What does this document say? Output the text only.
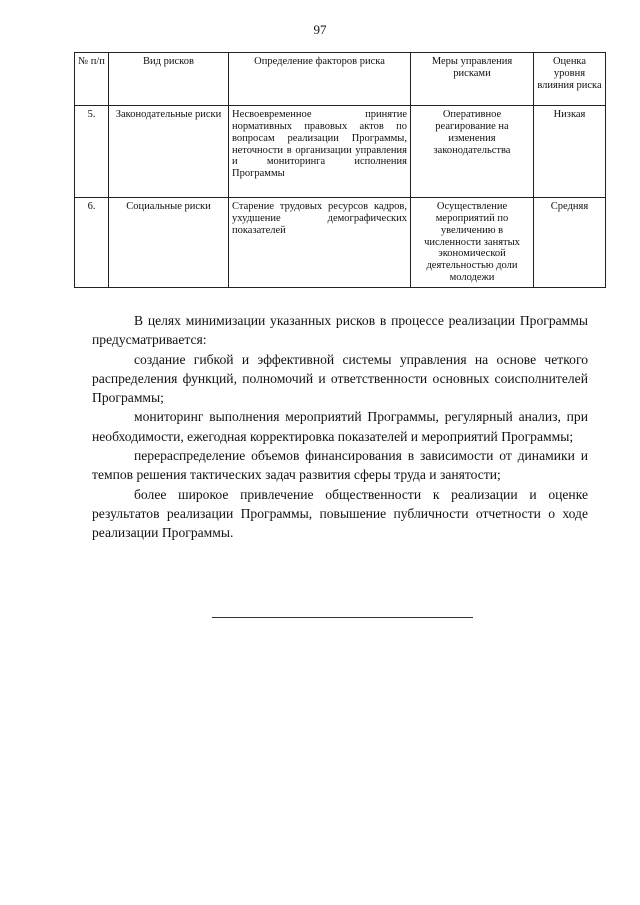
97
№ п/п	Вид рисков	Определение факторов риска	Меры управления рисками	Оценка уровня влияния риска
5.	Законодательные риски	Несвоевременное принятие нормативных правовых актов по вопросам реализации Программы, неточности в организации управления и мониторинга исполнения Программы	Оперативное реагирование на изменения законодательства	Низкая
6.	Социальные риски	Старение трудовых ресурсов кадров, ухудшение демографических показателей	Осуществление мероприятий по увеличению в численности занятых экономической деятельностью доли молодежи	Средняя

В целях минимизации указанных рисков в процессе реализации Программы предусматривается:

создание гибкой и эффективной системы управления на основе четкого распределения функций, полномочий и ответственности основных соисполнителей Программы;

мониторинг выполнения мероприятий Программы, регулярный анализ, при необходимости, ежегодная корректировка показателей и мероприятий Программы;

перераспределение объемов финансирования в зависимости от динамики и темпов решения тактических задач развития сферы труда и занятости;

более широкое привлечение общественности к реализации и оценке результатов реализации Программы, повышение публичности отчетности о ходе реализации Программы.
